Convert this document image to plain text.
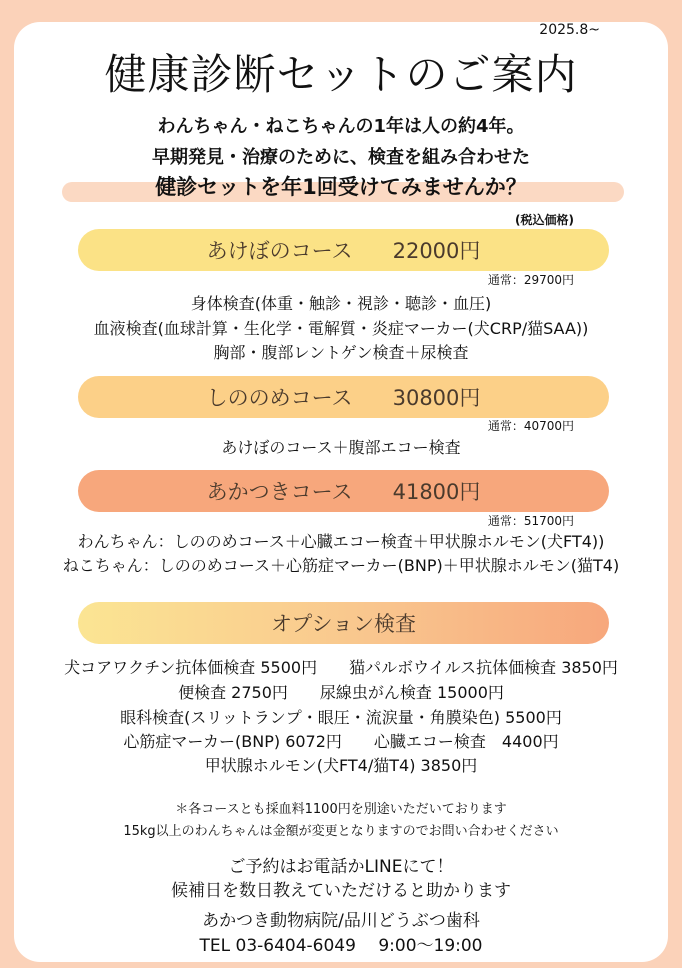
2025.8~
健康診断セットのご案内
わんちゃん・ねこちゃんの1年は人の約4年。
早期発見・治療のために、検査を組み合わせた
健診セットを年1回受けてみませんか？
(税込価格)
あけぼのコース
22000円
通常：29700円
身体検査(体重・触診・視診・聴診・血圧)
血液検査(血球計算・生化学・電解質・炎症マーカー(犬CRP/猫SAA))
胸部・腹部レントゲン検査＋尿検査
しののめコース
30800円
通常：40700円
あけぼのコース＋腹部エコー検査
あかつきコース
41800円
通常：51700円
わんちゃん：しののめコース＋心臓エコー検査＋甲状腺ホルモン(犬FT4))
ねこちゃん：しののめコース＋心筋症マーカー(BNP)＋甲状腺ホルモン(猫T4)
オプション検査
犬コアワクチン抗体価検査 5500円　　猫パルボウイルス抗体価検査 3850円
便検査 2750円　　尿線虫がん検査 15000円
眼科検査(スリットランプ・眼圧・流涙量・角膜染色) 5500円
心筋症マーカー(BNP) 6072円　　心臓エコー検査　4400円
甲状腺ホルモン(犬FT4/猫T4) 3850円
＊各コースとも採血料1100円を別途いただいております
15kg以上のわんちゃんは金額が変更となりますのでお問い合わせください
ご予約はお電話かLINEにて！
候補日を数日教えていただけると助かります
あかつき動物病院/品川どうぶつ歯科
TEL 03-6404-6049　 9:00〜19:00
